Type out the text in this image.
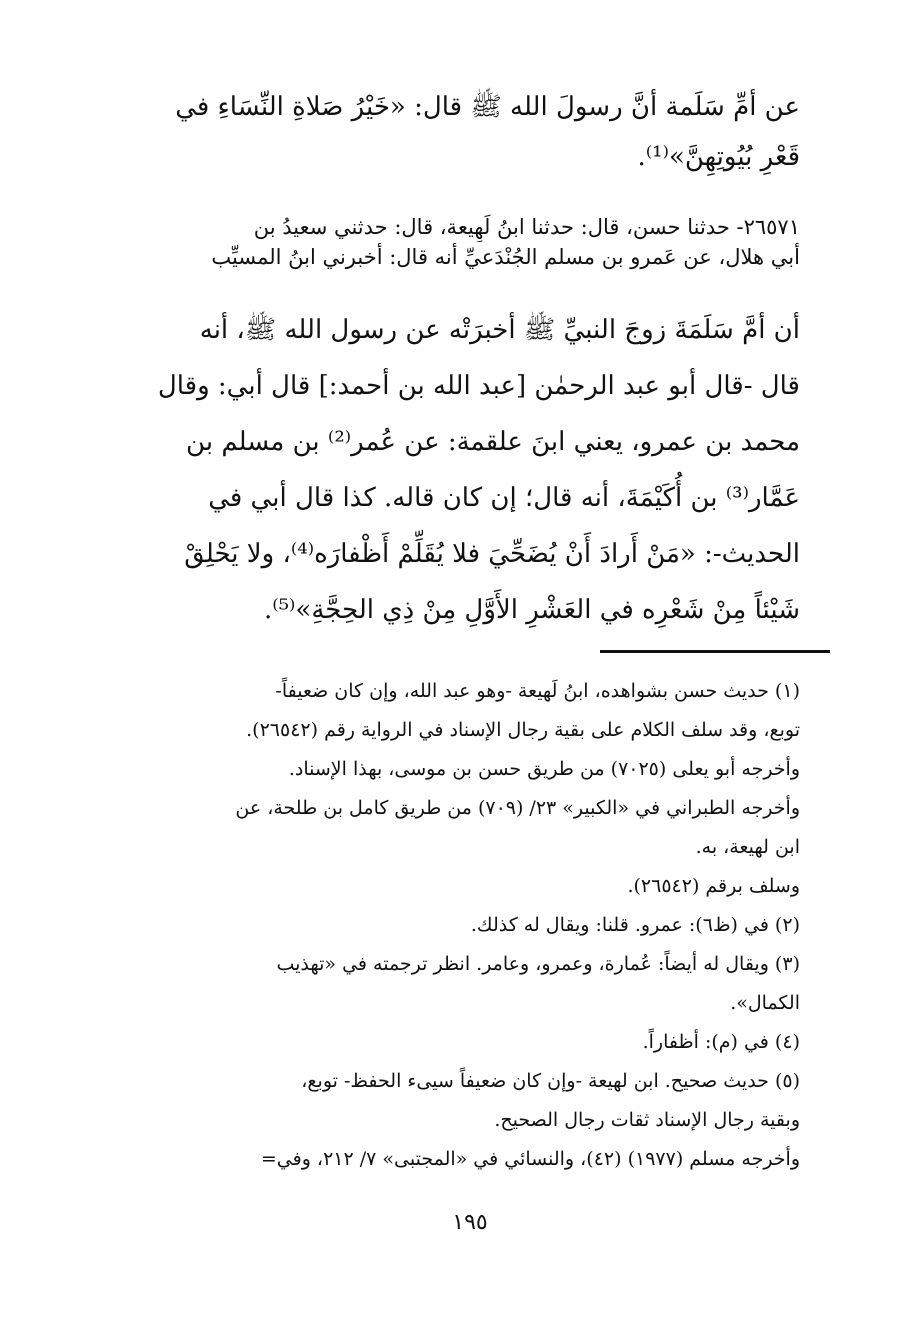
عن أمِّ سَلَمة أنَّ رسولَ الله ﷺ قال: «خَيْرُ صَلاةِ النِّسَاءِ في
قَعْرِ بُيُوتِهِنَّ»⁽¹⁾.
٢٦٥٧١- حدثنا حسن، قال: حدثنا ابنُ لَهِيعة، قال: حدثني سعيدُ بن
أبي هلال، عن عَمرو بن مسلم الجُنْدَعيِّ أنه قال: أخبرني ابنُ المسيِّب
أن أمَّ سَلَمَةَ زوجَ النبيِّ ﷺ أخبرَتْه عن رسول الله ﷺ، أنه
قال -قال أبو عبد الرحمٰن [عبد الله بن أحمد:] قال أبي: وقال
محمد بن عمرو، يعني ابنَ علقمة: عن عُمر⁽²⁾ بن مسلم بن
عَمَّار⁽³⁾ بن أُكَيْمَةَ، أنه قال؛ إن كان قاله. كذا قال أبي في
الحديث-: «مَنْ أَرادَ أَنْ يُضَحِّيَ فلا يُقَلِّمْ أَظْفارَه⁽⁴⁾، ولا يَحْلِقْ
شَيْئاً مِنْ شَعْرِه في العَشْرِ الأَوَّلِ مِنْ ذِي الحِجَّةِ»⁽⁵⁾.
(١) حديث حسن بشواهده، ابنُ لَهيعة -وهو عبد الله، وإن كان ضعيفاً-
توبع، وقد سلف الكلام على بقية رجال الإسناد في الرواية رقم (٢٦٥٤٢).
وأخرجه أبو يعلى (٧٠٢٥) من طريق حسن بن موسى، بهذا الإسناد.
وأخرجه الطبراني في «الكبير» ٢٣/ (٧٠٩) من طريق كامل بن طلحة، عن
ابن لهيعة، به.
وسلف برقم (٢٦٥٤٢).
(٢) في (ظ٦): عمرو. قلنا: ويقال له كذلك.
(٣) ويقال له أيضاً: عُمارة، وعمرو، وعامر. انظر ترجمته في «تهذيب
الكمال».
(٤) في (م): أظفاراً.
(٥) حديث صحيح. ابن لهيعة -وإن كان ضعيفاً سيىء الحفظ- توبع،
وبقية رجال الإسناد ثقات رجال الصحيح.
وأخرجه مسلم (١٩٧٧) (٤٢)، والنسائي في «المجتبى» ٧/ ٢١٢، وفي=
١٩٥
